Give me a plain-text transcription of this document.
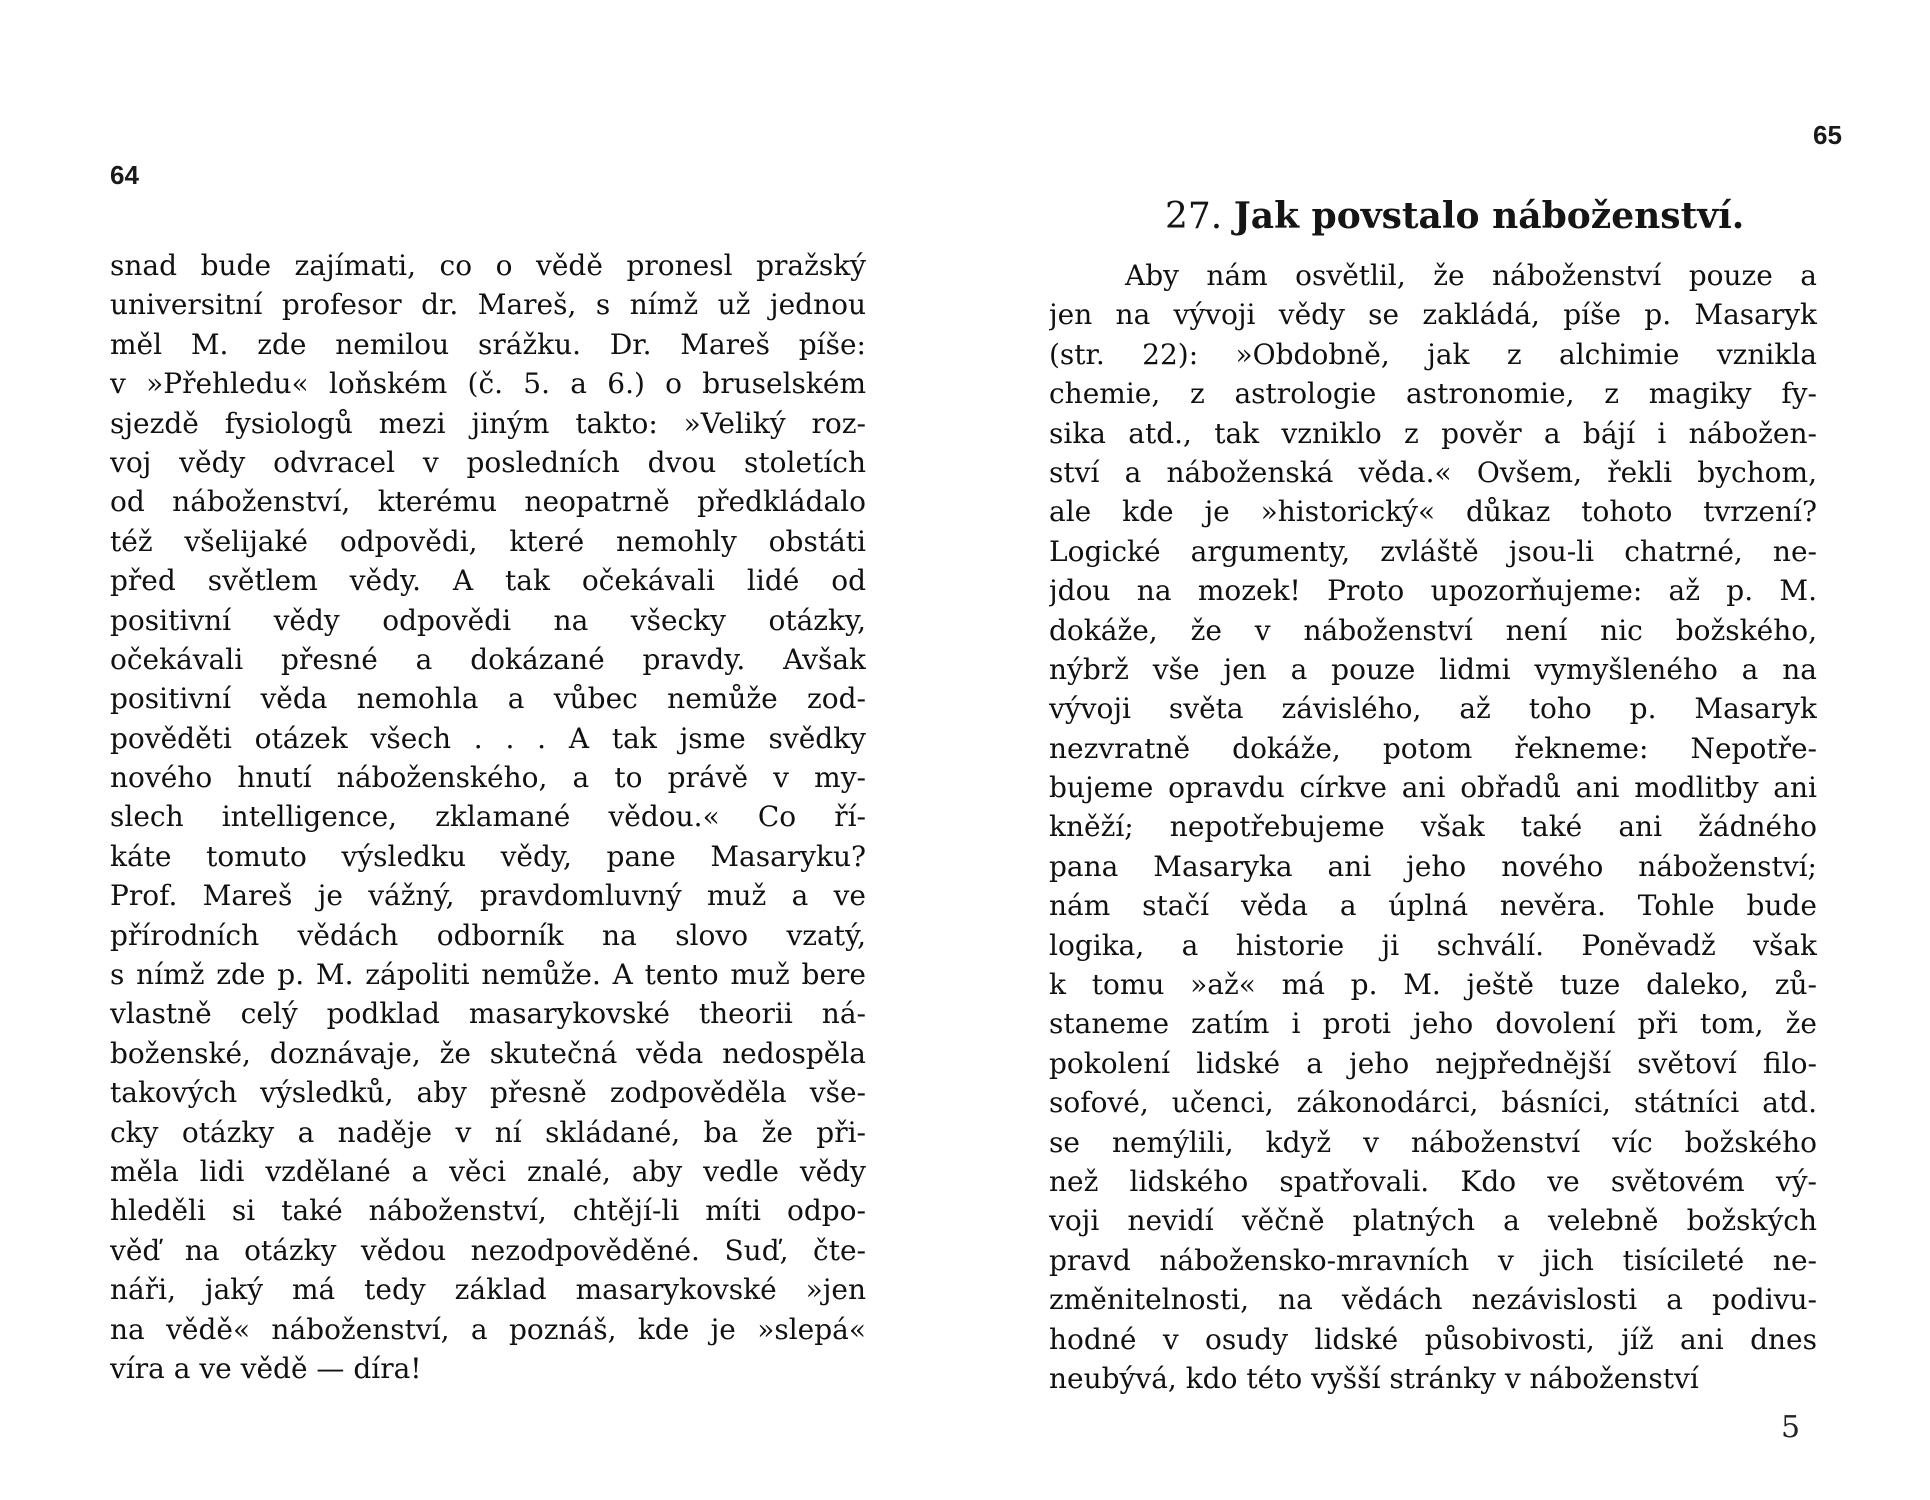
64
snad bude zajímati, co o vědě pronesl pražský
universitní profesor dr. Mareš, s nímž už jednou
měl M. zde nemilou srážku. Dr. Mareš píše:
v »Přehledu« loňském (č. 5. a 6.) o bruselském
sjezdě fysiologů mezi jiným takto: »Veliký roz-
voj vědy odvracel v posledních dvou stoletích
od náboženství, kterému neopatrně předkládalo
též všelijaké odpovědi, které nemohly obstáti
před světlem vědy. A tak očekávali lidé od
positivní vědy odpovědi na všecky otázky,
očekávali přesné a dokázané pravdy. Avšak
positivní věda nemohla a vůbec nemůže zod-
pověděti otázek všech . . . A tak jsme svědky
nového hnutí náboženského, a to právě v my-
slech intelligence, zklamané vědou.« Co ří-
káte tomuto výsledku vědy, pane Masaryku?
Prof. Mareš je vážný, pravdomluvný muž a ve
přírodních vědách odborník na slovo vzatý,
s nímž zde p. M. zápoliti nemůže. A tento muž bere
vlastně celý podklad masarykovské theorii ná-
boženské, doznávaje, že skutečná věda nedospěla
takových výsledků, aby přesně zodpověděla vše-
cky otázky a naděje v ní skládané, ba že při-
měla lidi vzdělané a věci znalé, aby vedle vědy
hleděli si také náboženství, chtějí-li míti odpo-
věď na otázky vědou nezodpověděné. Suď, čte-
náři, jaký má tedy základ masarykovské »jen
na vědě« náboženství, a poznáš, kde je »slepá«
víra a ve vědě — díra!
65
27. Jak povstalo náboženství.
Aby nám osvětlil, že náboženství pouze a
jen na vývoji vědy se zakládá, píše p. Masaryk
(str. 22): »Obdobně, jak z alchimie vznikla
chemie, z astrologie astronomie, z magiky fy-
sika atd., tak vzniklo z pověr a bájí i nábožen-
ství a náboženská věda.« Ovšem, řekli bychom,
ale kde je »historický« důkaz tohoto tvrzení?
Logické argumenty, zvláště jsou-li chatrné, ne-
jdou na mozek! Proto upozorňujeme: až p. M.
dokáže, že v náboženství není nic božského,
nýbrž vše jen a pouze lidmi vymyšleného a na
vývoji světa závislého, až toho p. Masaryk
nezvratně dokáže, potom řekneme: Nepotře-
bujeme opravdu církve ani obřadů ani modlitby ani
kněží; nepotřebujeme však také ani žádného
pana Masaryka ani jeho nového náboženství;
nám stačí věda a úplná nevěra. Tohle bude
logika, a historie ji schválí. Poněvadž však
k tomu »až« má p. M. ještě tuze daleko, zů-
staneme zatím i proti jeho dovolení při tom, že
pokolení lidské a jeho nejpřednější světoví filo-
sofové, učenci, zákonodárci, básníci, státníci atd.
se nemýlili, když v náboženství víc božského
než lidského spatřovali. Kdo ve světovém vý-
voji nevidí věčně platných a velebně božských
pravd nábožensko-mravních v jich tisícileté ne-
změnitelnosti, na vědách nezávislosti a podivu-
hodné v osudy lidské působivosti, jíž ani dnes
neubývá, kdo této vyšší stránky v náboženství
5
